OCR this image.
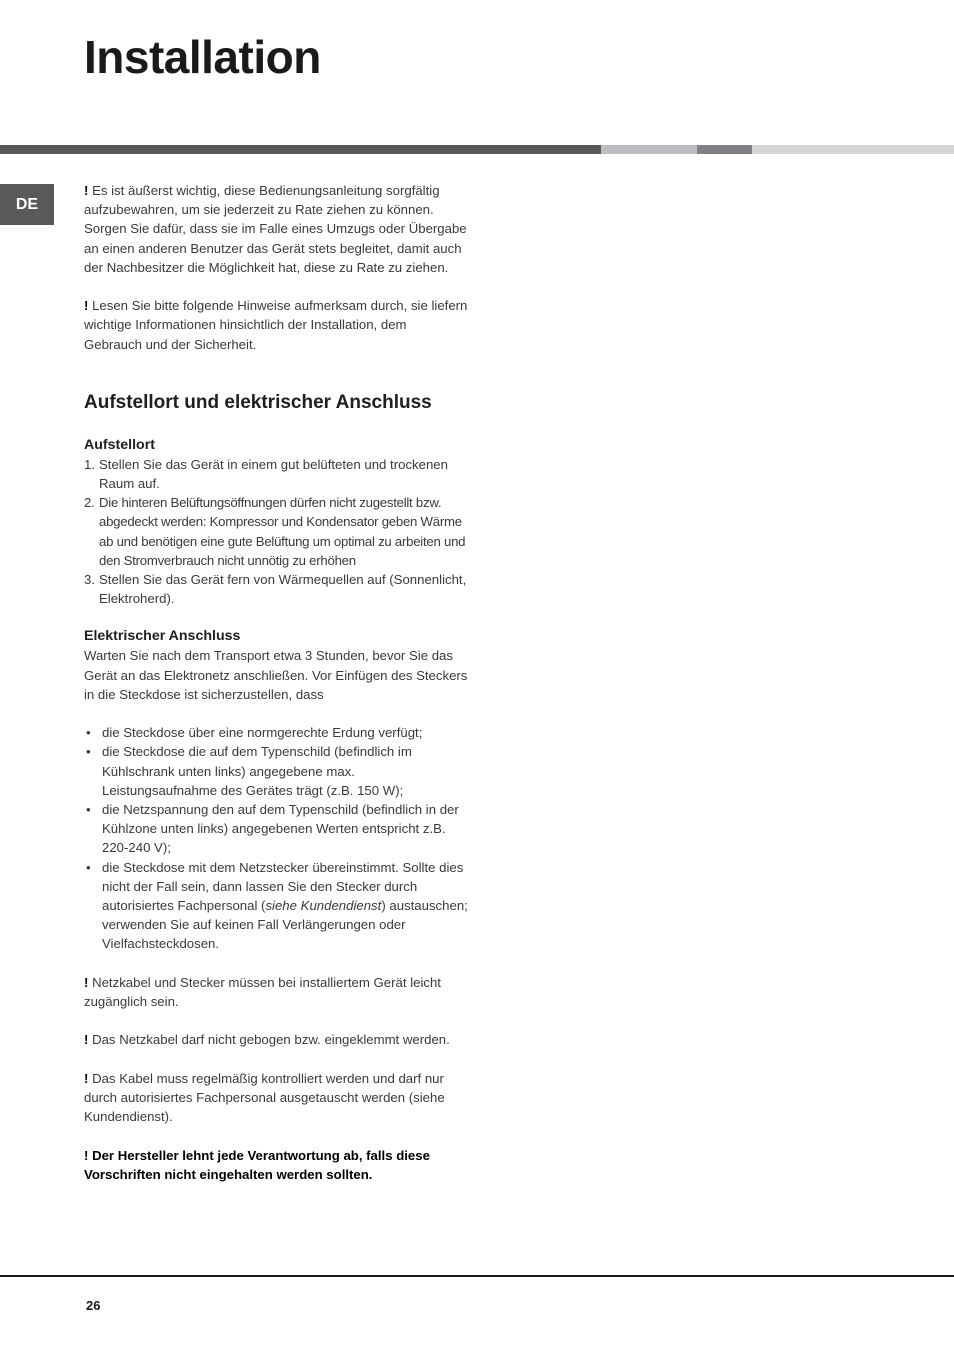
Installation
DE

! Es ist äußerst wichtig, diese Bedienungsanleitung sorgfältig aufzubewahren, um sie jederzeit zu Rate ziehen zu können. Sorgen Sie dafür, dass sie im Falle eines Umzugs oder Übergabe an einen anderen Benutzer das Gerät stets begleitet, damit auch der Nachbesitzer die Möglichkeit hat, diese zu Rate zu ziehen.

! Lesen Sie bitte folgende Hinweise aufmerksam durch, sie liefern wichtige Informationen hinsichtlich der Installation, dem Gebrauch und der Sicherheit.

Aufstellort und elektrischer Anschluss
Aufstellort
1. Stellen Sie das Gerät in einem gut belüfteten und trockenen Raum auf.
2. Die hinteren Belüftungsöffnungen dürfen nicht zugestellt bzw. abgedeckt werden: Kompressor und Kondensator geben Wärme ab und benötigen eine gute Belüftung um optimal zu arbeiten und den Stromverbrauch nicht unnötig zu erhöhen
3. Stellen Sie das Gerät fern von Wärmequellen auf (Sonnenlicht, Elektroherd).
Elektrischer Anschluss

Warten Sie nach dem Transport etwa 3 Stunden, bevor Sie das Gerät an das Elektronetz anschließen. Vor Einfügen des Steckers in die Steckdose ist sicherzustellen, dass

• die Steckdose über eine normgerechte Erdung verfügt;
• die Steckdose die auf dem Typenschild (befindlich im Kühlschrank unten links) angegebene max. Leistungsaufnahme des Gerätes trägt (z.B. 150 W);
• die Netzspannung den auf dem Typenschild (befindlich in der Kühlzone unten links) angegebenen Werten entspricht z.B. 220-240 V);
• die Steckdose mit dem Netzstecker übereinstimmt. Sollte dies nicht der Fall sein, dann lassen Sie den Stecker durch autorisiertes Fachpersonal (siehe Kundendienst) austauschen; verwenden Sie auf keinen Fall Verlängerungen oder Vielfachsteckdosen.

! Netzkabel und Stecker müssen bei installiertem Gerät leicht zugänglich sein.

! Das Netzkabel darf nicht gebogen bzw. eingeklemmt werden.

! Das Kabel muss regelmäßig kontrolliert werden und darf nur durch autorisiertes Fachpersonal ausgetauscht werden (siehe Kundendienst).

! Der Hersteller lehnt jede Verantwortung ab, falls diese Vorschriften nicht eingehalten werden sollten.

26
